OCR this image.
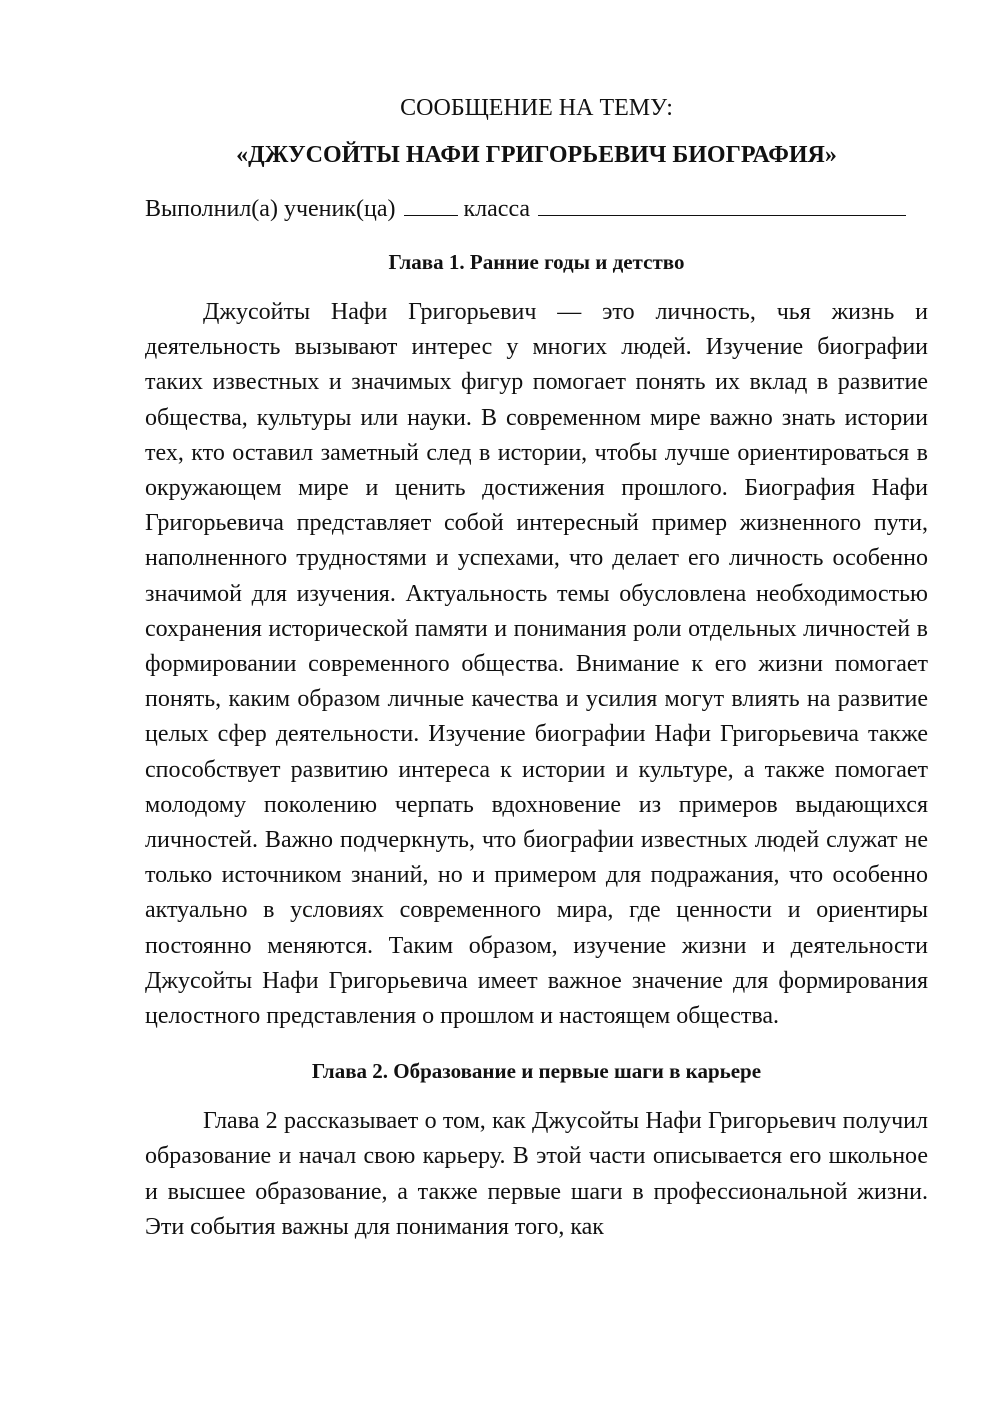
СООБЩЕНИЕ НА ТЕМУ:
«ДЖУСОЙТЫ НАФИ ГРИГОРЬЕВИЧ БИОГРАФИЯ»

Выполнил(а) ученик(ца)	класса

Глава 1. Ранние годы и детство

Джусойты Нафи Григорьевич — это личность, чья жизнь и деятельность вызывают интерес у многих людей. Изучение биографии таких известных и значимых фигур помогает понять их вклад в развитие общества, культуры или науки. В современном мире важно знать истории тех, кто оставил заметный след в истории, чтобы лучше ориентироваться в окружающем мире и ценить достижения прошлого. Биография Нафи Григорьевича представляет собой интересный пример жизненного пути, наполненного трудностями и успехами, что делает его личность особенно значимой для изучения. Актуальность темы обусловлена необходимостью сохранения исторической памяти и понимания роли отдельных личностей в формировании современного общества. Внимание к его жизни помогает понять, каким образом личные качества и усилия могут влиять на развитие целых сфер деятельности. Изучение биографии Нафи Григорьевича также способствует развитию интереса к истории и культуре, а также помогает молодому поколению черпать вдохновение из примеров выдающихся личностей. Важно подчеркнуть, что биографии известных людей служат не только источником знаний, но и примером для подражания, что особенно актуально в условиях современного мира, где ценности и ориентиры постоянно меняются. Таким образом, изучение жизни и деятельности Джусойты Нафи Григорьевича имеет важное значение для формирования целостного представления о прошлом и настоящем общества.

Глава 2. Образование и первые шаги в карьере

Глава 2 рассказывает о том, как Джусойты Нафи Григорьевич получил образование и начал свою карьеру. В этой части описывается его школьное и высшее образование, а также первые шаги в профессиональной жизни. Эти события важны для понимания того, как
